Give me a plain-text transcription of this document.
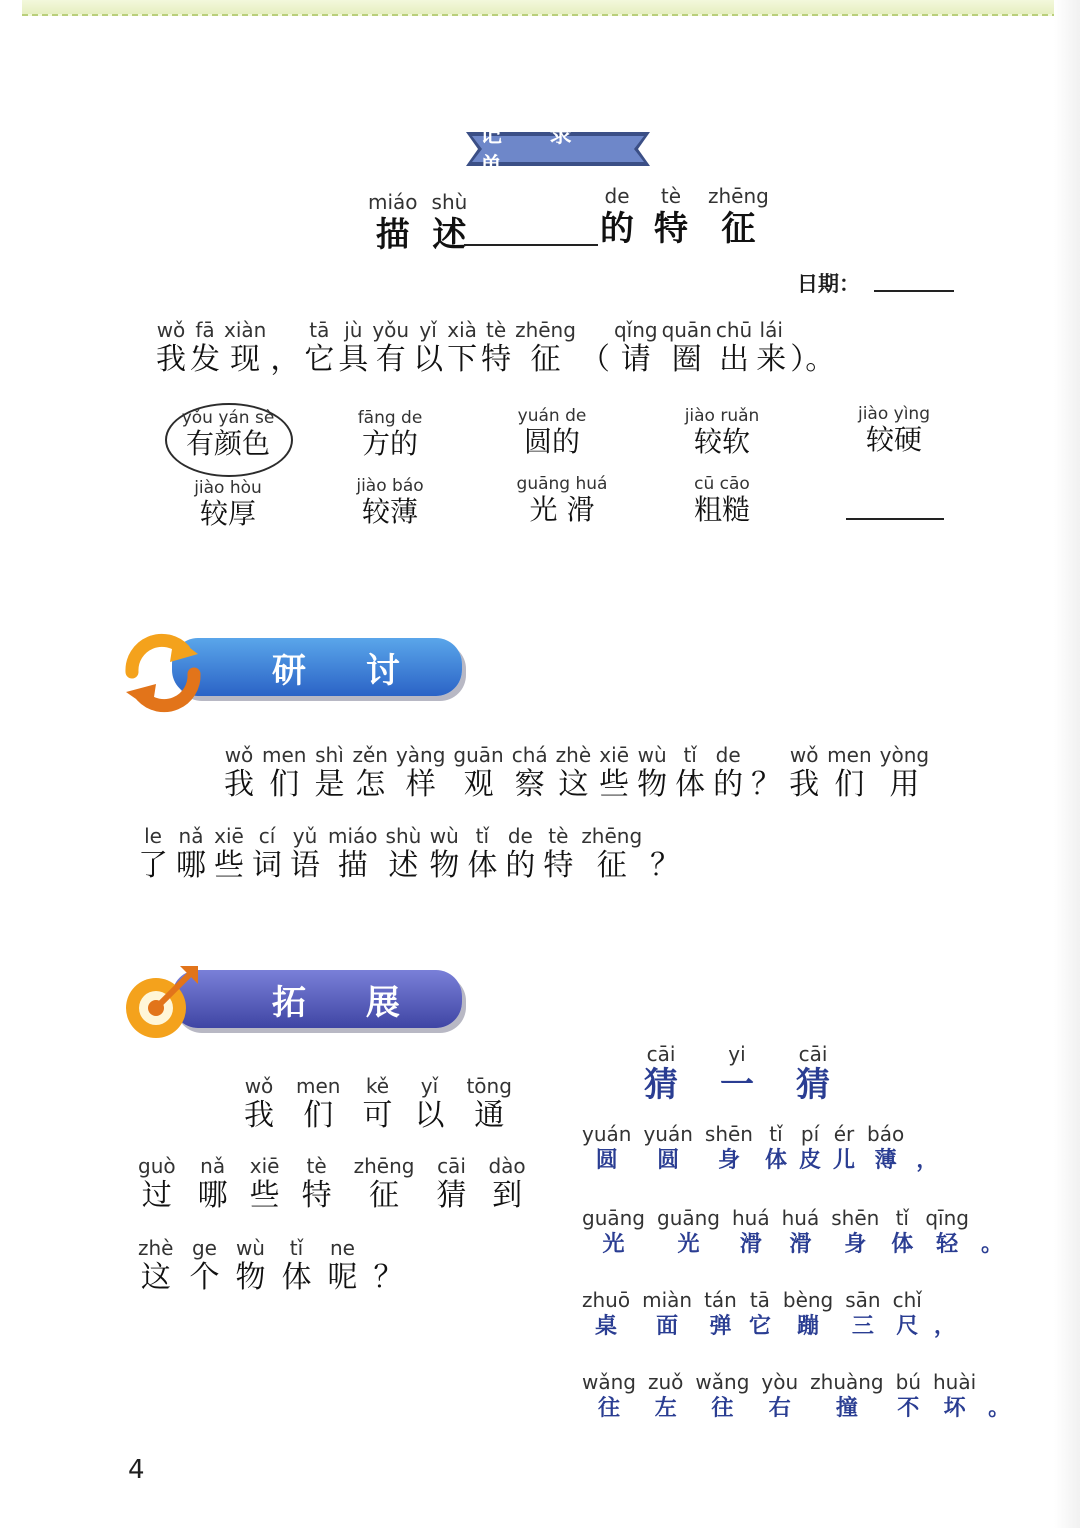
记 录 单
miáo
描
shù
述
de
的
tè
特
zhēng
征
日期：
wǒ
我
fā
发
xiàn
现
，
tā
它
jù
具
yǒu
有
yǐ
以
xià
下
tè
特
zhēng
征
（
qǐng
请
quān
圈
chū
出
lái
来
）。
yǒu yán sè
有颜色
fāng de
方的
yuán de
圆的
jiào ruǎn
较软
jiào yìng
较硬
jiào hòu
较厚
jiào báo
较薄
guāng huá
光 滑
cū cāo
粗糙
研 讨
wǒ
我
men
们
shì
是
zěn
怎
yàng
样
guān
观
chá
察
zhè
这
xiē
些
wù
物
tǐ
体
de
的
？
wǒ
我
men
们
yòng
用
le
了
nǎ
哪
xiē
些
cí
词
yǔ
语
miáo
描
shù
述
wù
物
tǐ
体
de
的
tè
特
zhēng
征
？
拓 展
wǒ
我
men
们
kě
可
yǐ
以
tōng
通
guò
过
nǎ
哪
xiē
些
tè
特
zhēng
征
cāi
猜
dào
到
zhè
这
ge
个
wù
物
tǐ
体
ne
呢
？
cāi
猜
yi
一
cāi
猜
yuán
圆
yuán
圆
shēn
身
tǐ
体
pí
皮
ér
儿
báo
薄
，
guāng
光
guāng
光
huá
滑
huá
滑
shēn
身
tǐ
体
qīng
轻
。
zhuō
桌
miàn
面
tán
弹
tā
它
bèng
蹦
sān
三
chǐ
尺
，
wǎng
往
zuǒ
左
wǎng
往
yòu
右
zhuàng
撞
bú
不
huài
坏
。
4
